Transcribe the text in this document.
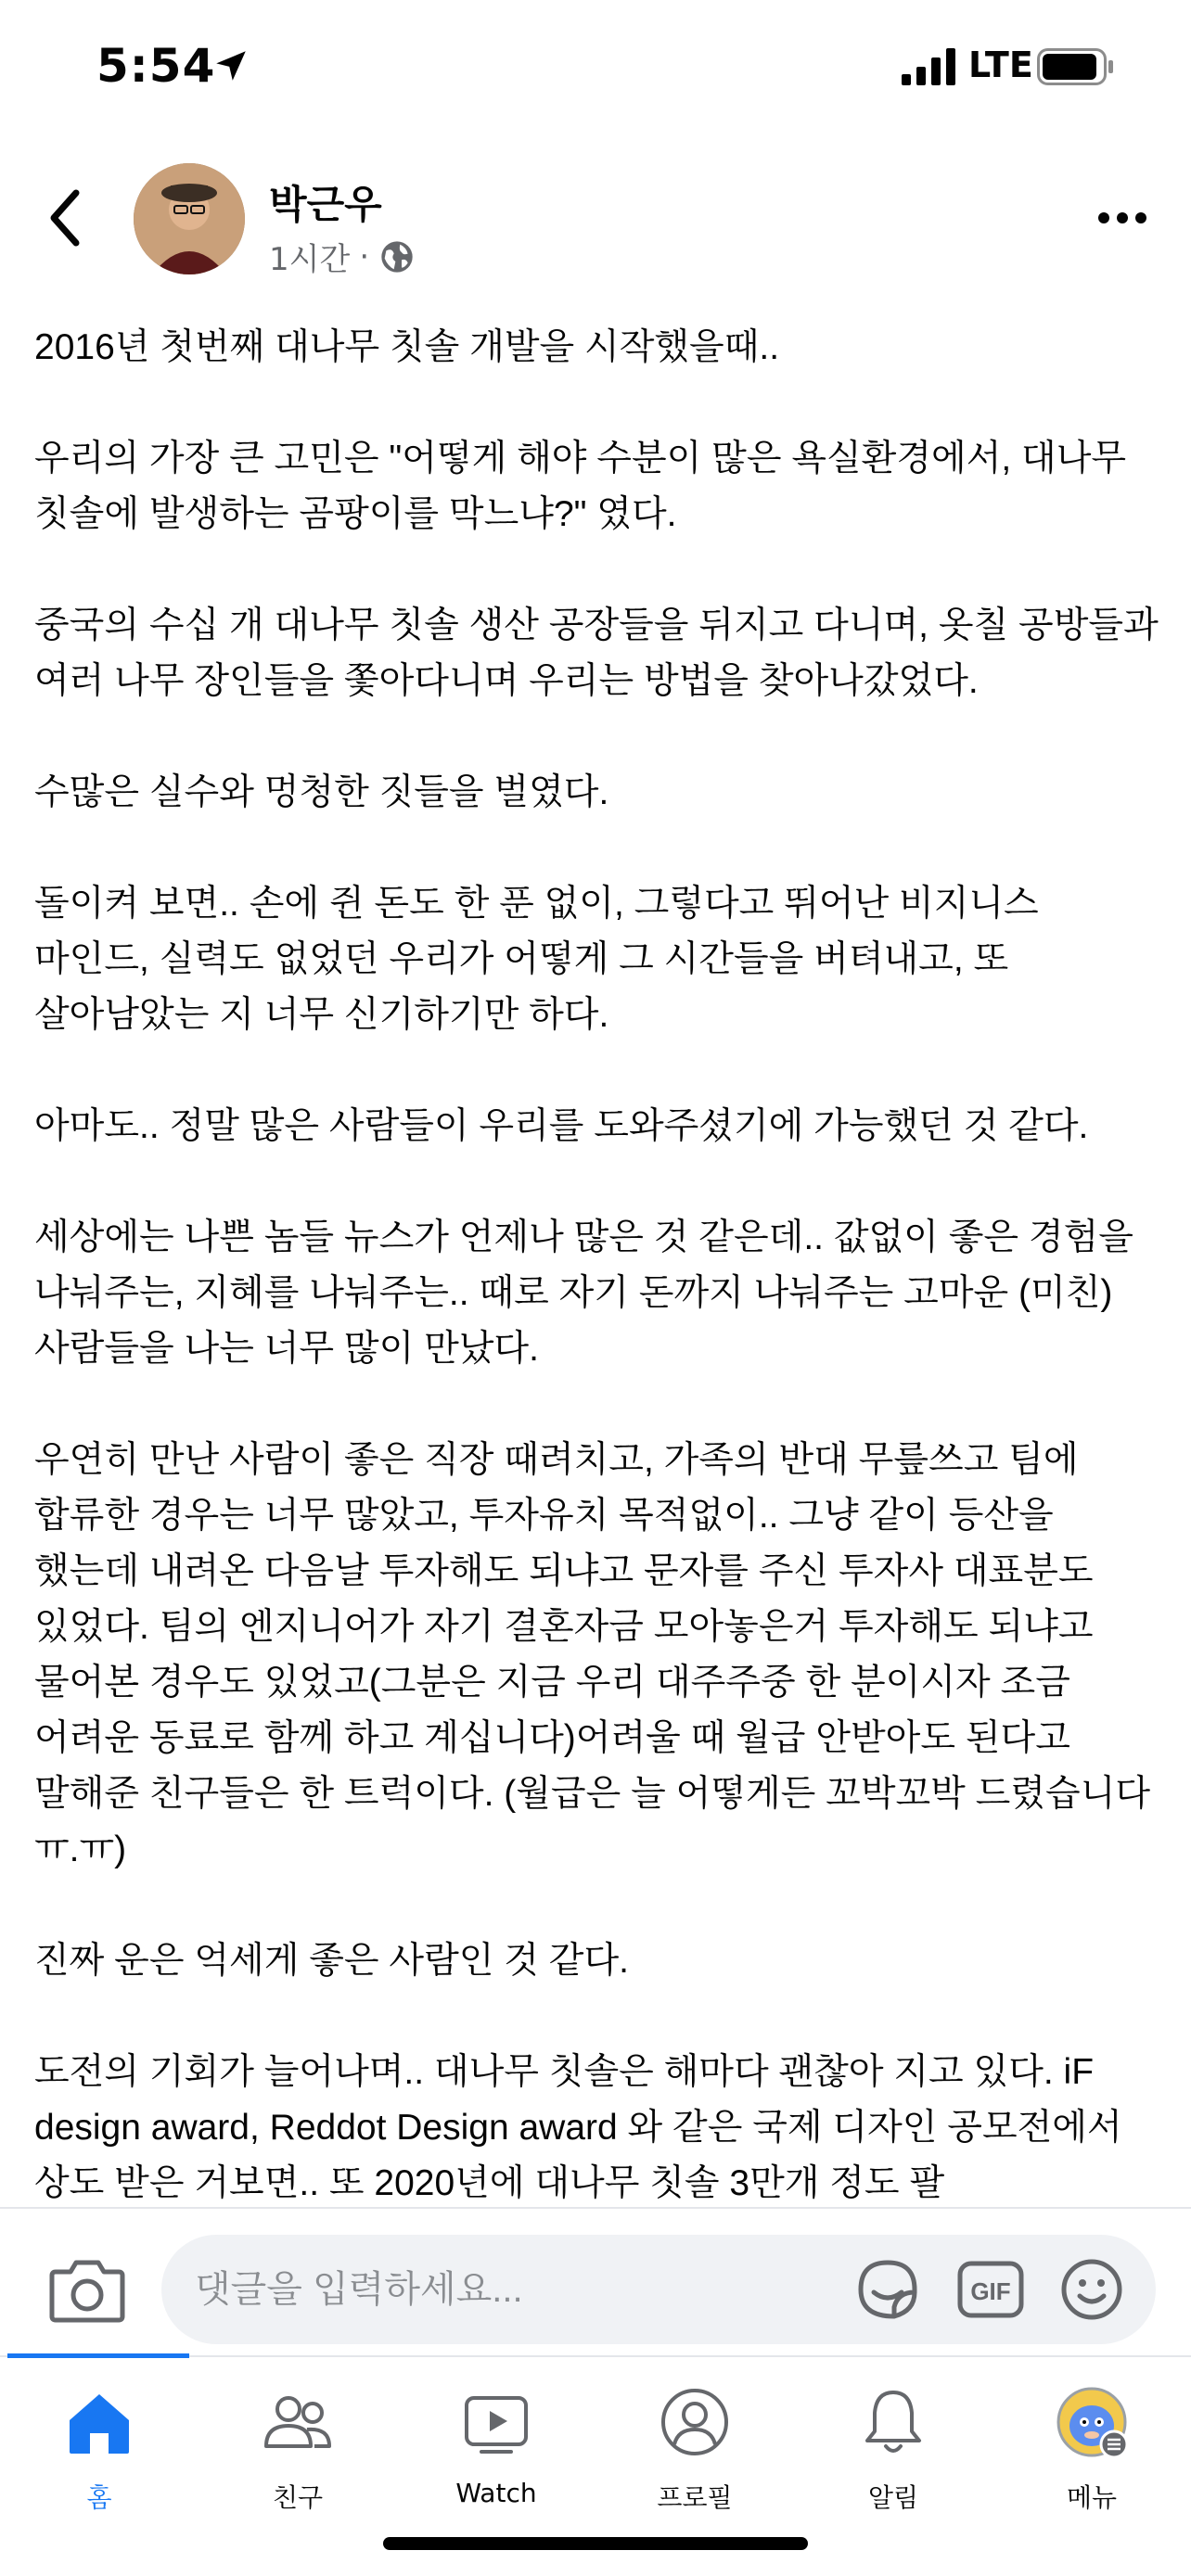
5:54	LTE
박근우
1시간 ·

2016년 첫번째 대나무 칫솔 개발을 시작했을때..

우리의 가장 큰 고민은 "어떻게 해야 수분이 많은 욕실환경에서, 대나무 칫솔에 발생하는 곰팡이를 막느냐?" 였다.

중국의 수십 개 대나무 칫솔 생산 공장들을 뒤지고 다니며, 옷칠 공방들과 여러 나무 장인들을 쫓아다니며 우리는 방법을 찾아나갔었다.

수많은 실수와 멍청한 짓들을 벌였다.

돌이켜 보면.. 손에 쥔 돈도 한 푼 없이, 그렇다고 뛰어난 비지니스 마인드, 실력도 없었던 우리가 어떻게 그 시간들을 버텨내고, 또 살아남았는 지 너무 신기하기만 하다.

아마도.. 정말 많은 사람들이 우리를 도와주셨기에 가능했던 것 같다.

세상에는 나쁜 놈들 뉴스가 언제나 많은 것 같은데.. 값없이 좋은 경험을 나눠주는, 지혜를 나눠주는.. 때로 자기 돈까지 나눠주는 고마운 (미친) 사람들을 나는 너무 많이 만났다.

우연히 만난 사람이 좋은 직장 때려치고, 가족의 반대 무릎쓰고 팀에 합류한 경우는 너무 많았고, 투자유치 목적없이.. 그냥 같이 등산을 했는데 내려온 다음날 투자해도 되냐고 문자를 주신 투자사 대표분도 있었다. 팀의 엔지니어가 자기 결혼자금 모아놓은거 투자해도 되냐고 물어본 경우도 있었고(그분은 지금 우리 대주주중 한 분이시자 조금 어려운 동료로 함께 하고 계십니다)어려울 때 월급 안받아도 된다고 말해준 친구들은 한 트럭이다. (월급은 늘 어떻게든 꼬박꼬박 드렸습니다 ㅠ.ㅠ)

진짜 운은 억세게 좋은 사람인 것 같다.

도전의 기회가 늘어나며.. 대나무 칫솔은 해마다 괜찮아 지고 있다. iF design award, Reddot Design award 와 같은 국제 디자인 공모전에서 상도 받은 거보면.. 또 2020년에 대나무 칫솔 3만개 정도 팔

댓글을 입력하세요...
GIF
홈	친구	Watch	프로필	알림	메뉴
